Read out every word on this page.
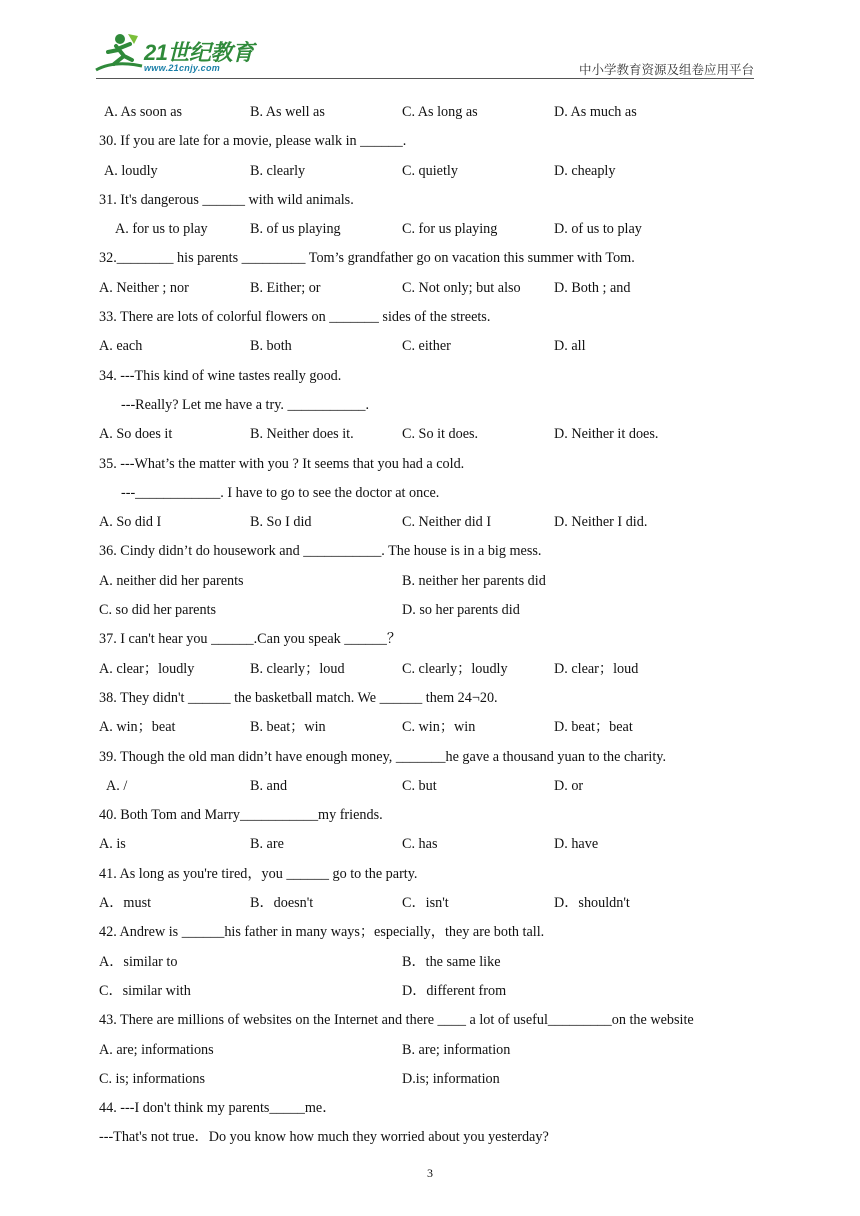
21世纪教育
www.21cnjy.com	中小学教育资源及组卷应用平台
A. As soon as	B. As well as	C. As long as	D. As much as
30. If you are late for a movie, please walk in ______.
A. loudly	B. clearly	C. quietly	D. cheaply
31. It's dangerous ______ with wild animals.
A. for us to play	B. of us playing	C. for us playing	D. of us to play
32.________ his parents _________ Tom’s grandfather go on vacation this summer with Tom.
A. Neither ; nor	B. Either; or	C. Not only; but also D. Both ; and
33. There are lots of colorful flowers on _______ sides of the streets.
A. each	B. both	C. either	D. all
34. ---This kind of wine tastes really good.
---Really? Let me have a try. ___________.
A. So does it	B. Neither does it.	C. So it does.	D. Neither it does.
35. ---What’s the matter with you ? It seems that you had a cold.
---____________. I have to go to see the doctor at once.
A. So did I	B. So I did	C. Neither did I	D. Neither I did.
36. Cindy didn’t do housework and ___________. The house is in a big mess.
A. neither did her parents	B. neither her parents did
C. so did her parents	D. so her parents did
37. I can't hear you ______.Can you speak ______？
A. clear；loudly	B. clearly；loud	C. clearly；loudly	D. clear；loud
38. They didn't ______ the basketball match. We ______ them 24¬20.
A. win；beat	B. beat；win	C. win；win	D. beat；beat
39. Though the old man didn’t have enough money, _______he gave a thousand yuan to the charity.
A. /	B. and	C. but	D. or
40. Both Tom and Marry___________my friends.
A. is	B. are	C. has	D. have
41. As long as you're tired，you ______ go to the party.
A．must	B．doesn't	C．isn't	D．shouldn't
42. Andrew is ______his father in many ways；especially，they are both tall.
A．similar to	B．the same like
C．similar with	D．different from
43. There are millions of websites on the Internet and there ____ a lot of useful_________on the website
A. are; informations	B. are; information
C. is; informations	D.is; information
44. ---I don't think my parents_____me．
---That's not true．Do you know how much they worried about you yesterday?
3
